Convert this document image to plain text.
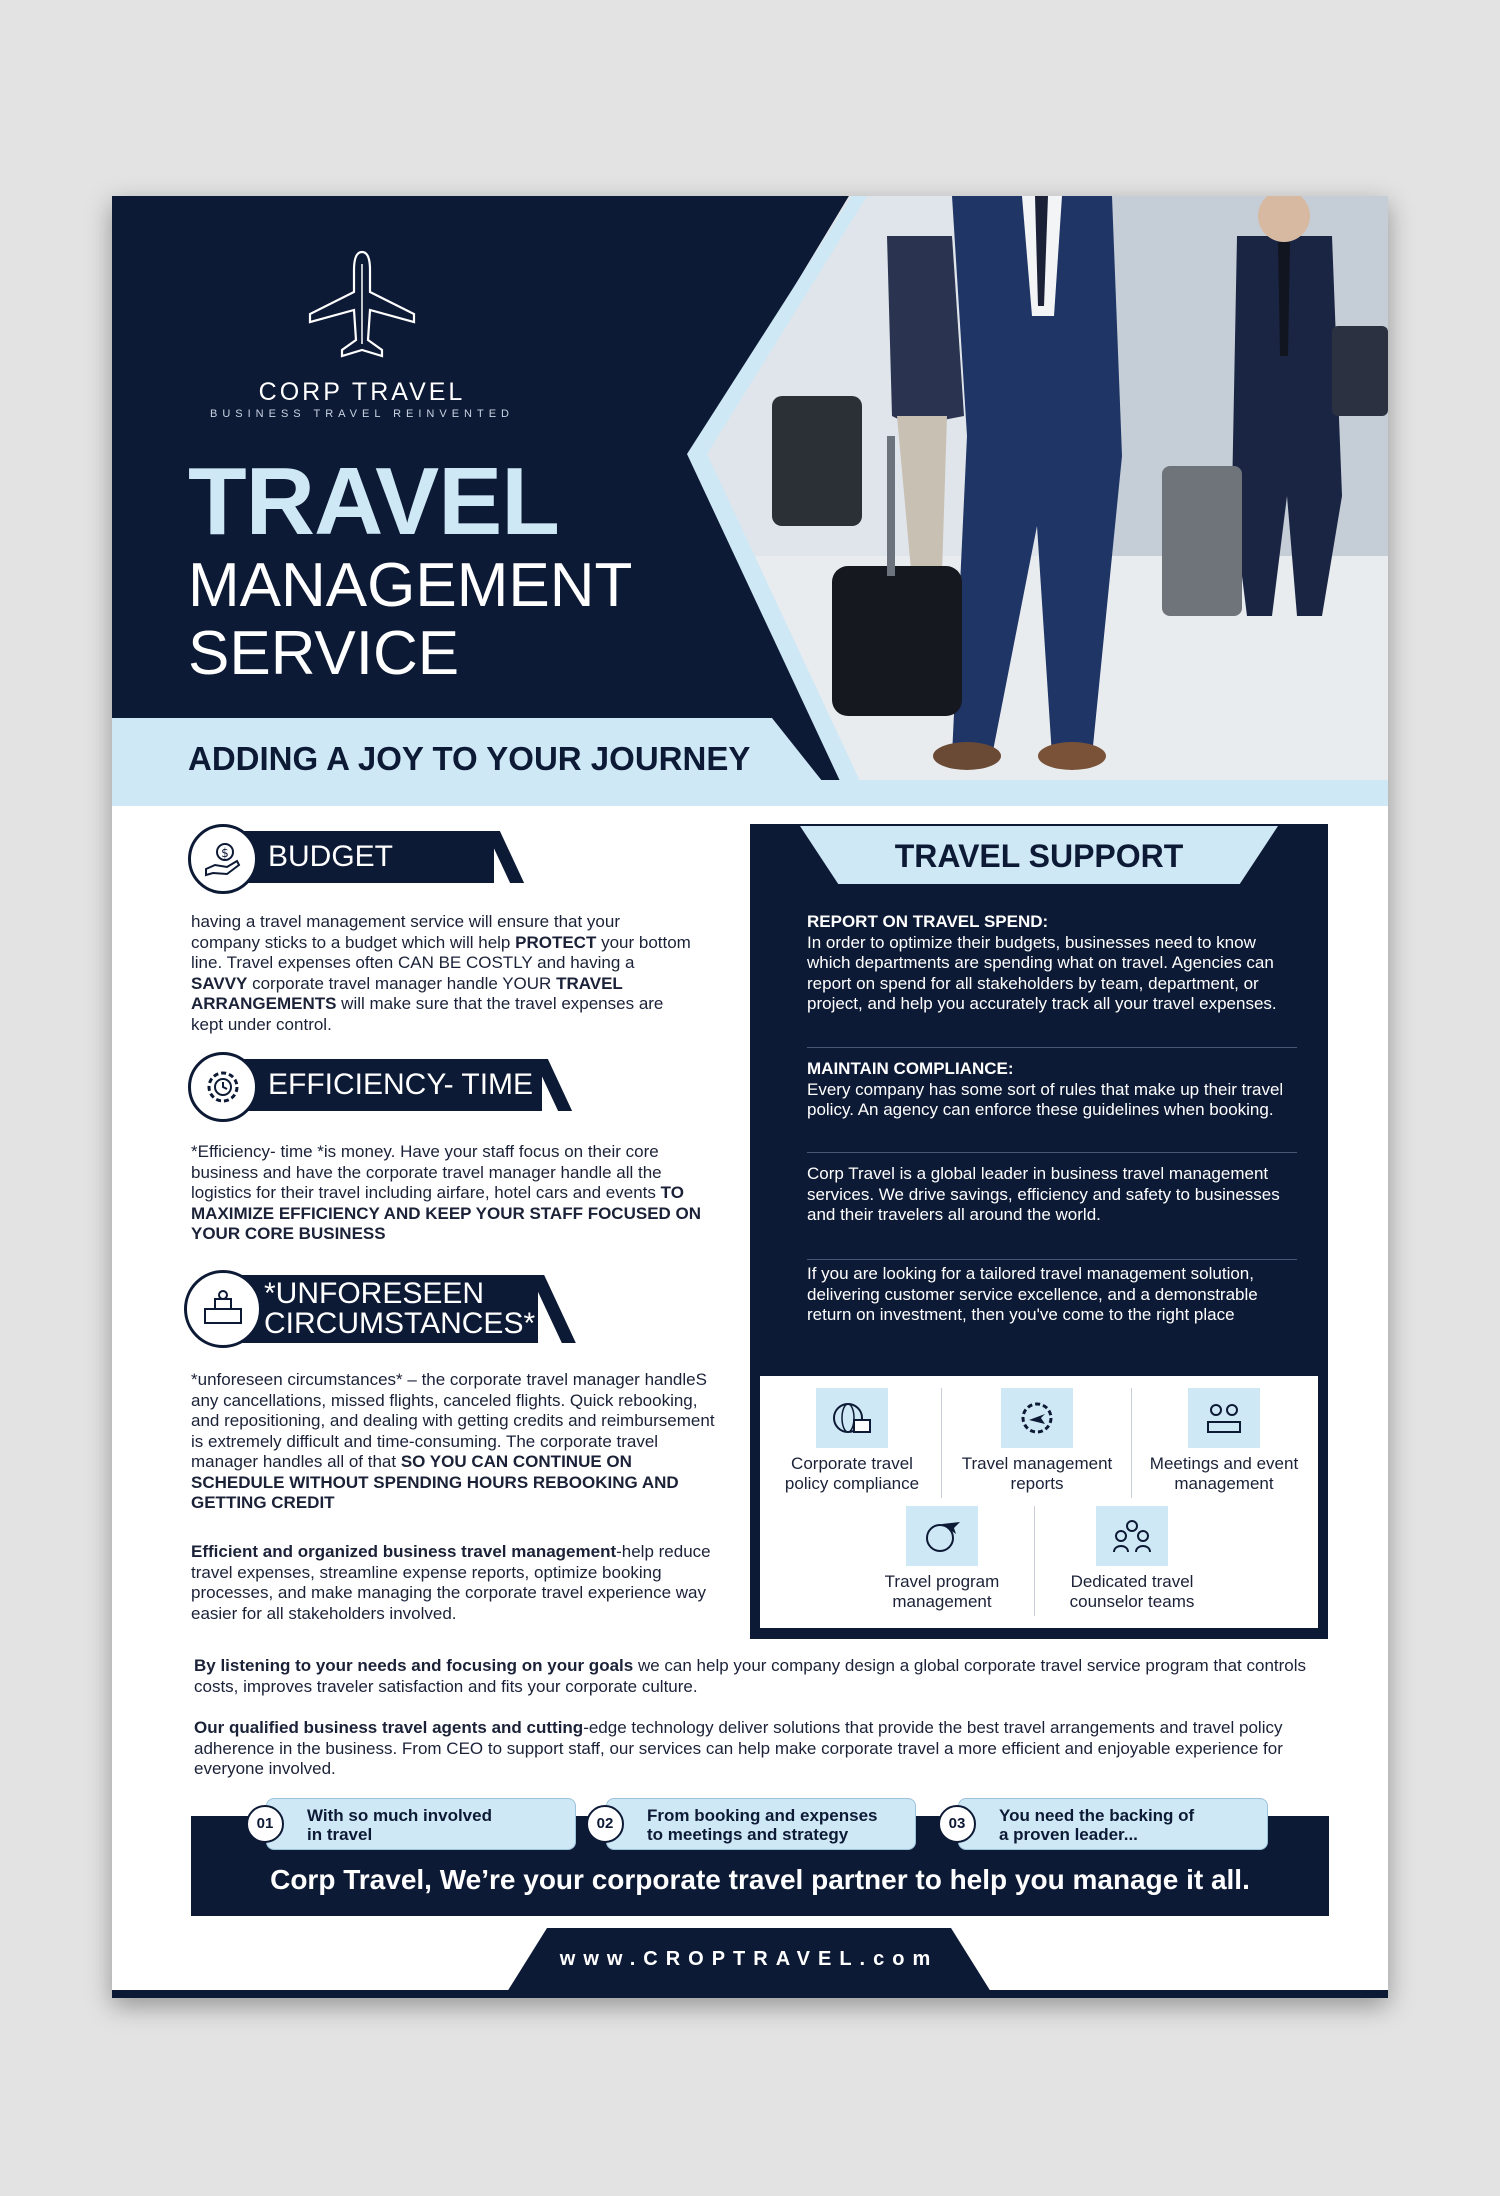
CORP TRAVEL
BUSINESS TRAVEL REINVENTED
TRAVEL
MANAGEMENT
SERVICE
ADDING A JOY TO YOUR JOURNEY
BUDGET
$
having a travel management service will ensure that your company sticks to a budget which will help PROTECT your bottom line. Travel expenses often CAN BE COSTLY and having a SAVVY corporate travel manager handle YOUR TRAVEL ARRANGEMENTS will make sure that the travel expenses are kept under control.
EFFICIENCY- TIME
*Efficiency- time *is money. Have your staff focus on their core business and have the corporate travel manager handle all the logistics for their travel including airfare, hotel cars and events TO MAXIMIZE EFFICIENCY AND KEEP YOUR STAFF FOCUSED ON YOUR CORE BUSINESS
*UNFORESEEN
CIRCUMSTANCES*
*unforeseen circumstances* – the corporate travel manager handleS any cancellations, missed flights, canceled flights. Quick rebooking, and repositioning, and dealing with getting credits and reimbursement is extremely difficult and time-consuming. The corporate travel manager handles all of that SO YOU CAN CONTINUE ON SCHEDULE WITHOUT SPENDING HOURS REBOOKING AND GETTING CREDIT
Efficient and organized business travel management-help reduce travel expenses, streamline expense reports, optimize booking processes, and make managing the corporate travel experience way easier for all stakeholders involved.
TRAVEL SUPPORT
REPORT ON TRAVEL SPEND:
In order to optimize their budgets, businesses need to know which departments are spending what on travel. Agencies can report on spend for all stakeholders by team, department, or project, and help you accurately track all your travel expenses.
MAINTAIN COMPLIANCE:
Every company has some sort of rules that make up their travel policy. An agency can enforce these guidelines when booking.
Corp Travel is a global leader in business travel management services. We drive savings, efficiency and safety to businesses and their travelers all around the world.
If you are looking for a tailored travel management solution, delivering customer service excellence, and a demonstrable return on investment, then you've come to the right place
Corporate travel policy compliance
Travel management reports
Meetings and event management
Travel program management
Dedicated travel counselor teams
By listening to your needs and focusing on your goals we can help your company design a global corporate travel service program that controls costs, improves traveler satisfaction and fits your corporate culture.
Our qualified business travel agents and cutting-edge technology deliver solutions that provide the best travel arrangements and travel policy adherence in the business. From CEO to support staff, our services can help make corporate travel a more efficient and enjoyable experience for everyone involved.
With so much involved
in travel
01	From booking and expenses
to meetings and strategy
02	You need the backing of
a proven leader...
03
Corp Travel, We’re your corporate travel partner to help you manage it all.
www.CROPTRAVEL.com
